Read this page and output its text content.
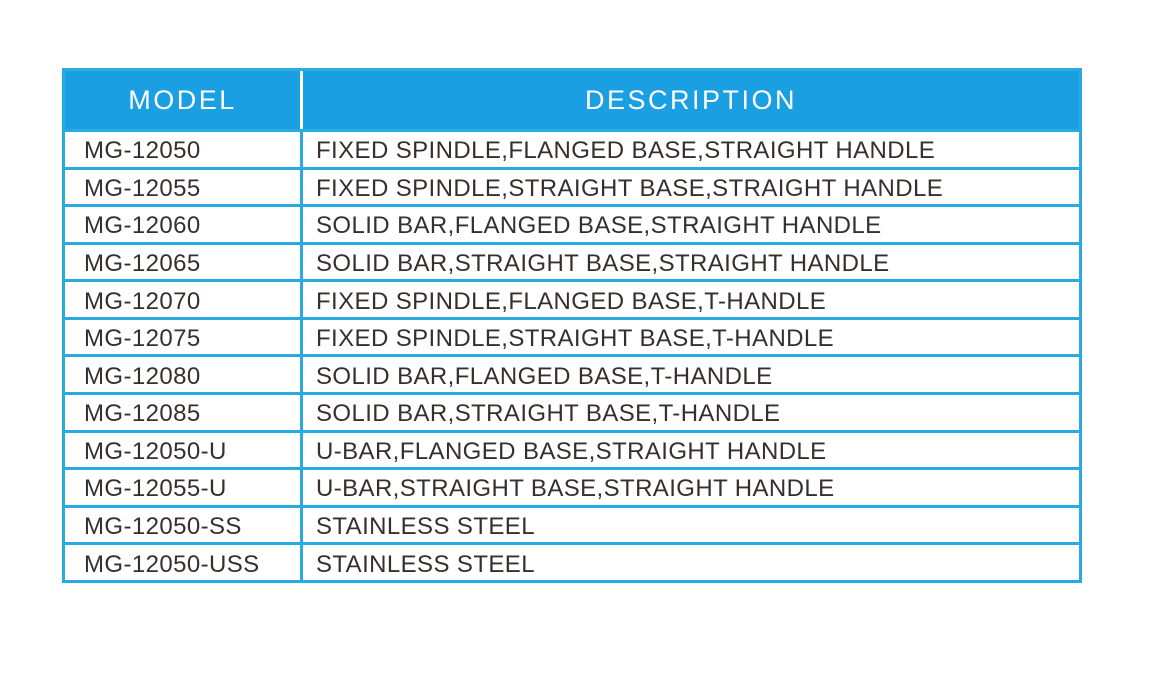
MODEL	DESCRIPTION
MG-12050	FIXED SPINDLE,FLANGED BASE,STRAIGHT HANDLE
MG-12055	FIXED SPINDLE,STRAIGHT BASE,STRAIGHT HANDLE
MG-12060	SOLID BAR,FLANGED BASE,STRAIGHT HANDLE
MG-12065	SOLID BAR,STRAIGHT BASE,STRAIGHT HANDLE
MG-12070	FIXED SPINDLE,FLANGED BASE,T-HANDLE
MG-12075	FIXED SPINDLE,STRAIGHT BASE,T-HANDLE
MG-12080	SOLID BAR,FLANGED BASE,T-HANDLE
MG-12085	SOLID BAR,STRAIGHT BASE,T-HANDLE
MG-12050-U	U-BAR,FLANGED BASE,STRAIGHT HANDLE
MG-12055-U	U-BAR,STRAIGHT BASE,STRAIGHT HANDLE
MG-12050-SS	STAINLESS STEEL
MG-12050-USS	STAINLESS STEEL
